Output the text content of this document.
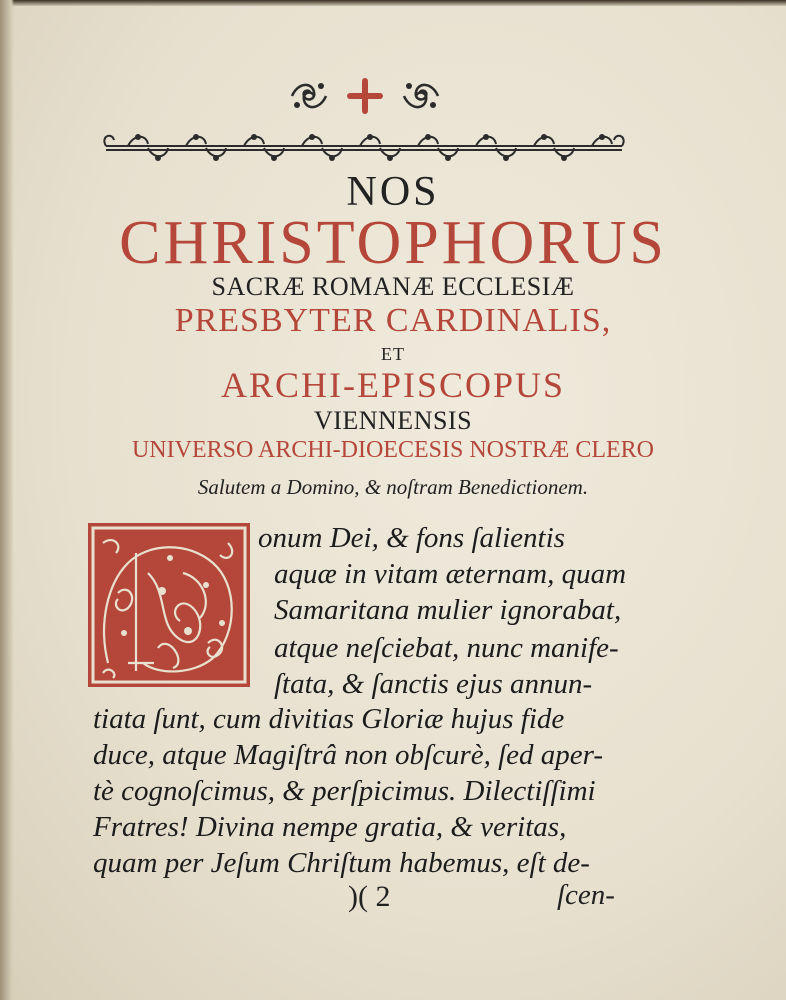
NOS
CHRISTOPHORUS
SACRÆ ROMANÆ ECCLESIÆ
PRESBYTER CARDINALIS,
ET
ARCHI-EPISCOPUS
VIENNENSIS
UNIVERSO ARCHI-DIOECESIS NOSTRÆ CLERO
Salutem a Domino, & noſtram Benedictionem.
onum Dei, & fons ſalientis
aquæ in vitam æternam, quam
Samaritana mulier ignorabat,
atque neſciebat, nunc manife-
ſtata, & ſanctis ejus annun-
tiata ſunt, cum divitias Gloriæ hujus fide
duce, atque Magiſtrâ non obſcurè, ſed aper-
tè cognoſcimus, & perſpicimus. Dilectiſſimi
Fratres! Divina nempe gratia, & veritas,
quam per Jeſum Chriſtum habemus, eſt de-
)( 2	ſcen-
